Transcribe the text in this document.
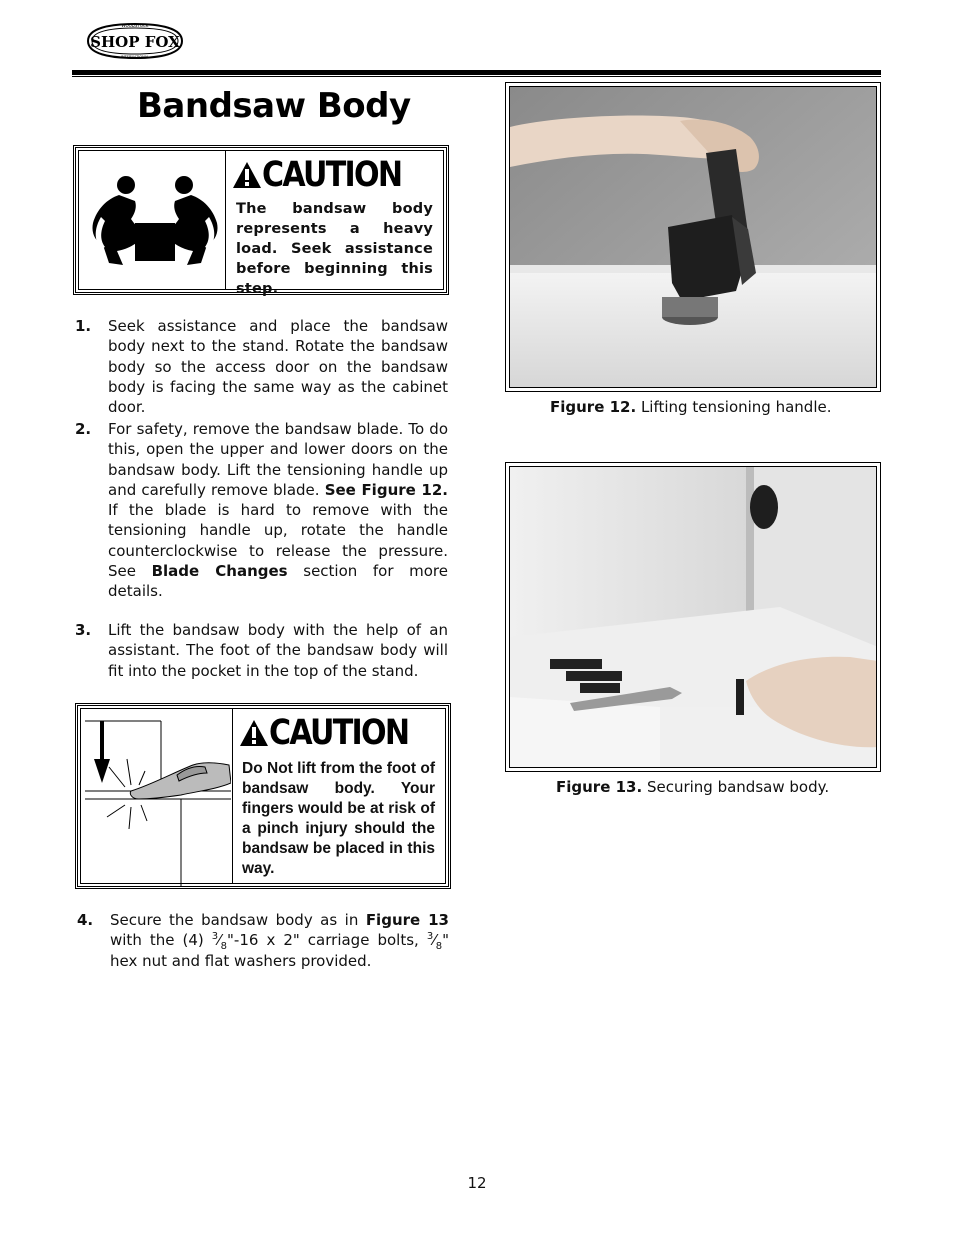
SHOP FOX
WOODSTOCK
INTERNATIONAL
Bandsaw Body
CAUTION

The bandsaw body represents a heavy load. Seek assistance before beginning this step.

1. Seek assistance and place the bandsaw body next to the stand. Rotate the bandsaw body so the access door on the bandsaw body is facing the same way as the cabinet door.

2. For safety, remove the bandsaw blade. To do this, open the upper and lower doors on the bandsaw body. Lift the tensioning handle up and carefully remove blade. See Figure 12. If the blade is hard to remove with the tensioning handle up, rotate the handle counterclockwise to release the pressure. See Blade Changes section for more details.

3. Lift the bandsaw body with the help of an assistant. The foot of the bandsaw body will fit into the pocket in the top of the stand.

CAUTION

Do Not lift from the foot of bandsaw body. Your fingers would be at risk of a pinch injury should the bandsaw be placed in this way.

4. Secure the bandsaw body as in Figure 13 with the (4) $^3⁄_8"-16$ x 2" carriage bolts, $^3⁄_8$" hex nut and flat washers provided.

Figure 12. Lifting tensioning handle.
Figure 13. Securing bandsaw body.
12
